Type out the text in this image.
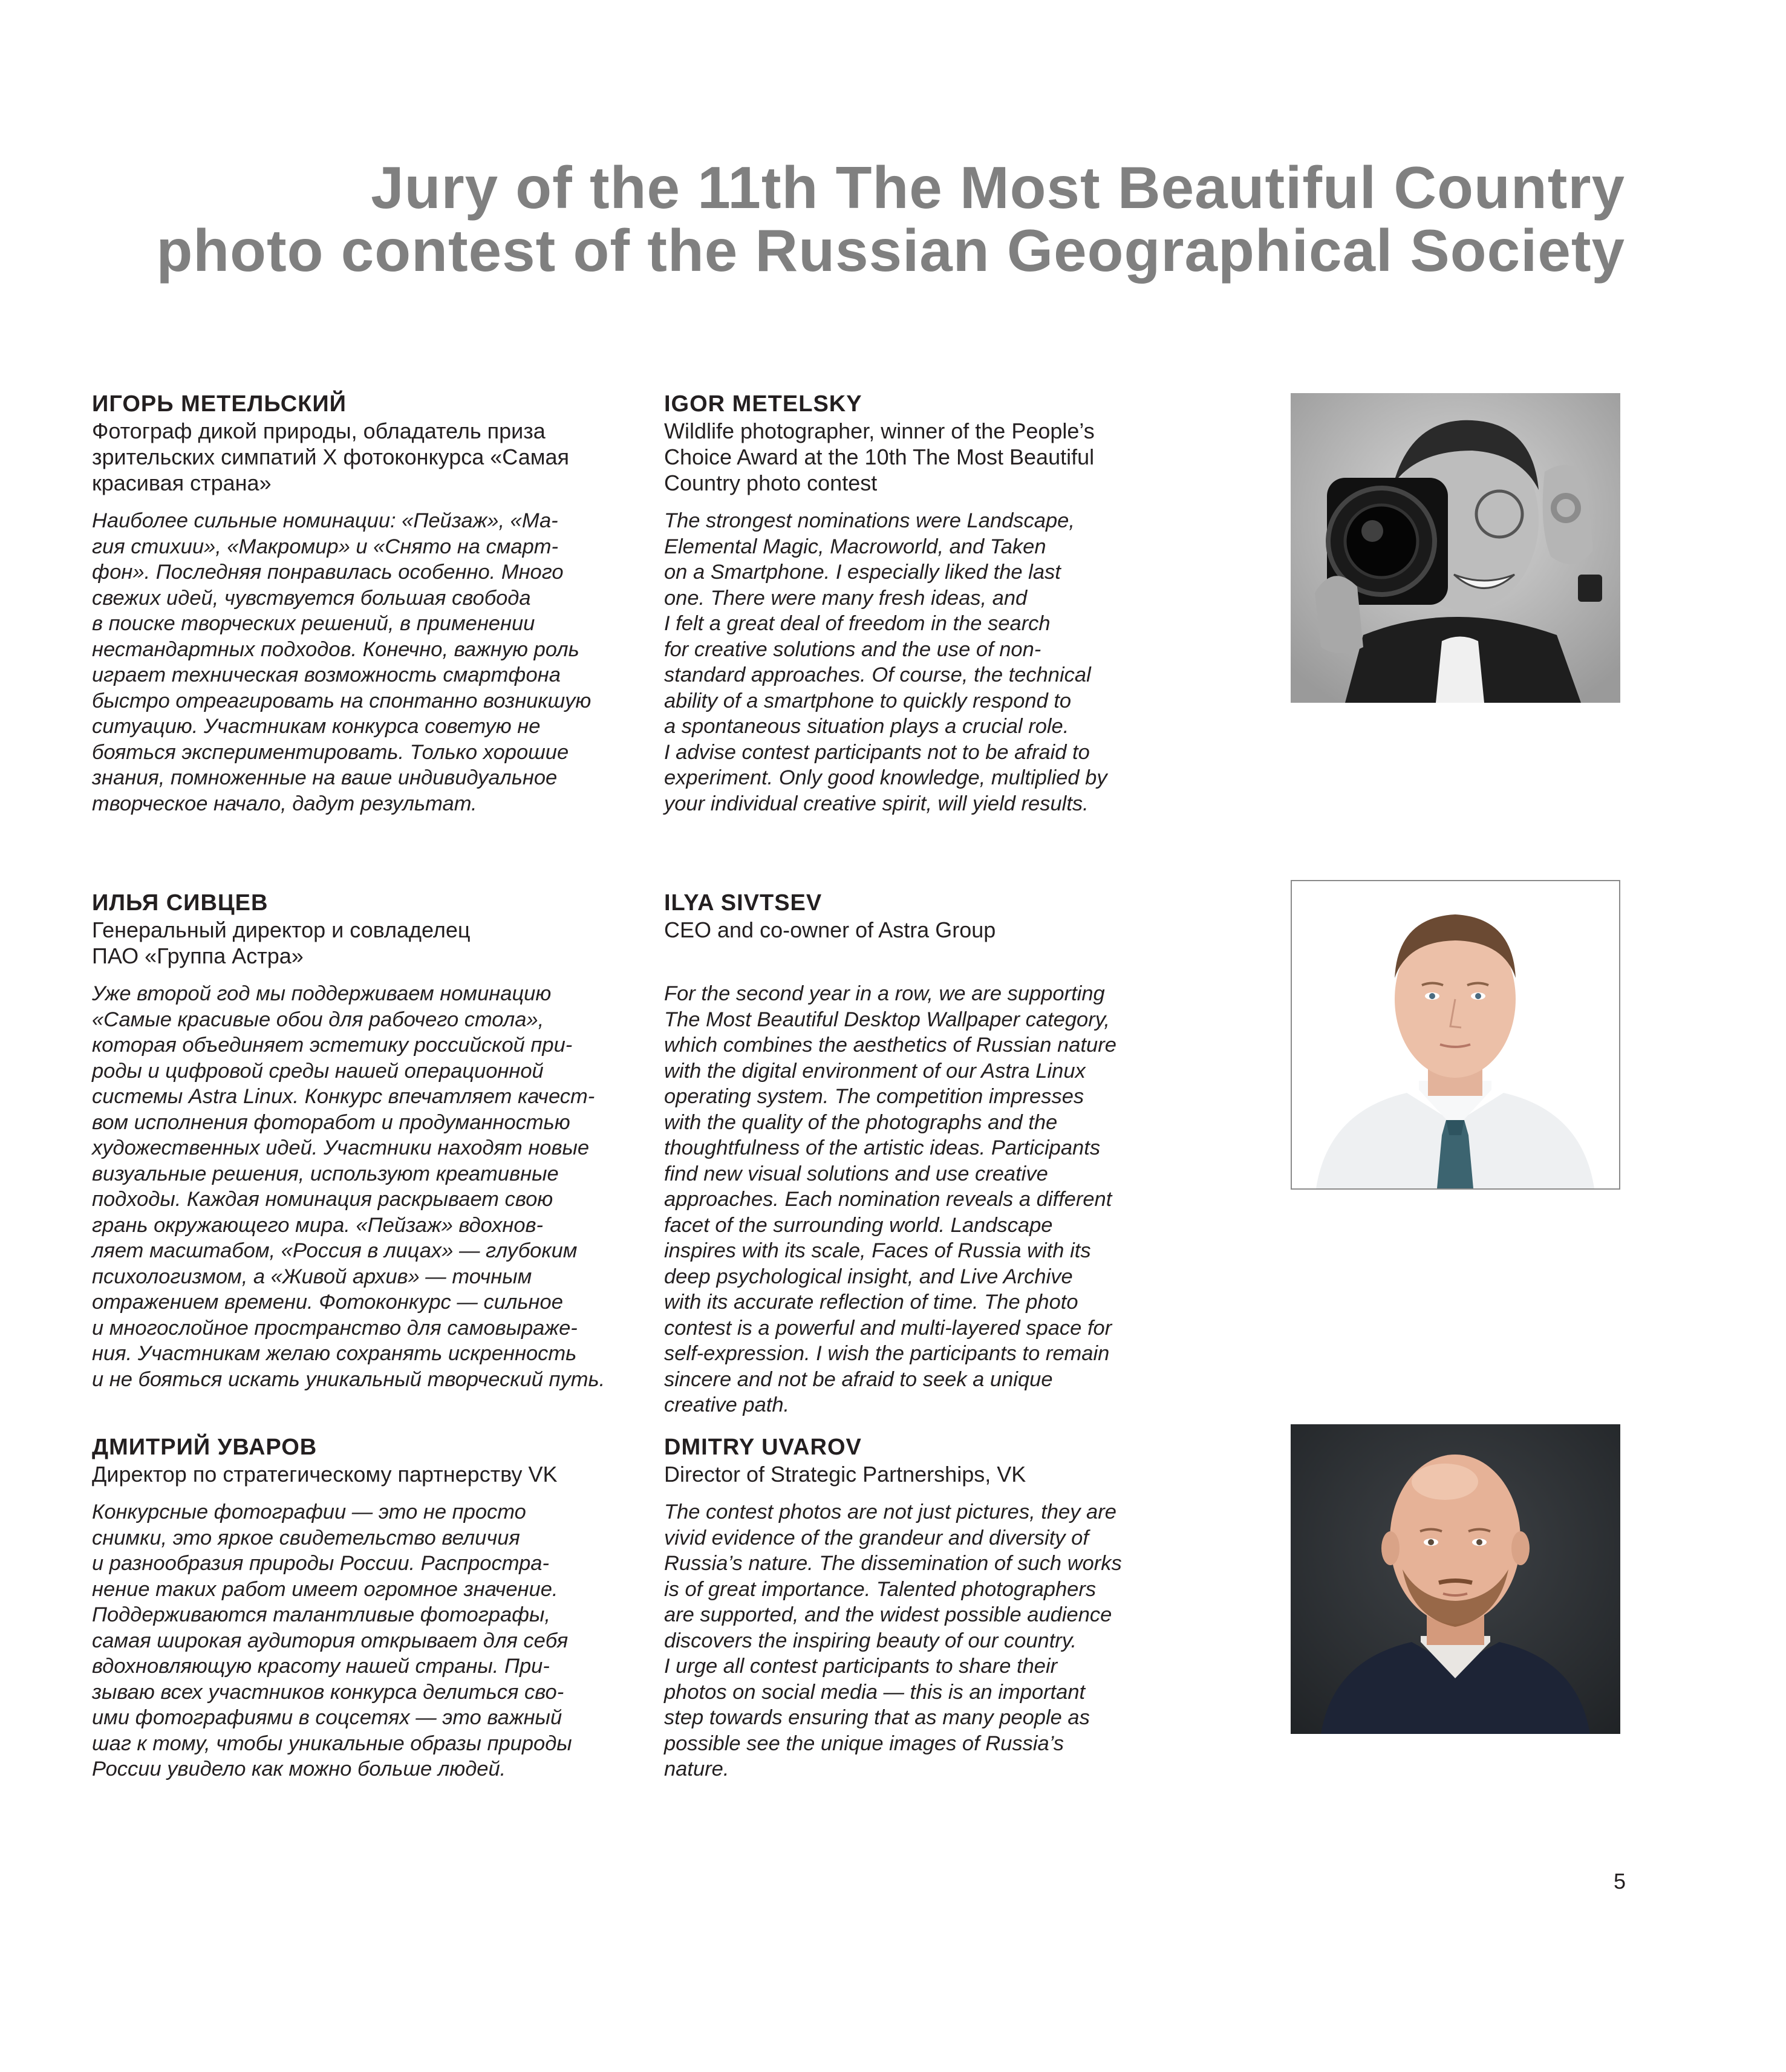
Jury of the 11th The Most Beautiful Country
photo contest of the Russian Geographical Society
ИГОРЬ МЕТЕЛЬСКИЙ
Фотограф дикой природы, обладатель приза
зрительских симпатий X фотоконкурса «Самая
красивая страна»
Наиболее сильные номинации: «Пейзаж», «Ма-
гия стихии», «Макромир» и «Снято на смарт-
фон». Последняя понравилась особенно. Много
свежих идей, чувствуется большая свобода
в поиске творческих решений, в применении
нестандартных подходов. Конечно, важную роль
играет техническая возможность смартфона
быстро отреагировать на спонтанно возникшую
ситуацию. Участникам конкурса советую не
бояться экспериментировать. Только хорошие
знания, помноженные на ваше индивидуальное
творческое начало, дадут результат.
IGOR METELSKY
Wildlife photographer, winner of the People’s
Choice Award at the 10th The Most Beautiful
Country photo contest
The strongest nominations were Landscape,
Elemental Magic, Macroworld, and Taken
on a Smartphone. I especially liked the last
one. There were many fresh ideas, and
I felt a great deal of freedom in the search
for creative solutions and the use of non-
standard approaches. Of course, the technical
ability of a smartphone to quickly respond to
a spontaneous situation plays a crucial role.
I advise contest participants not to be afraid to
experiment. Only good knowledge, multiplied by
your individual creative spirit, will yield results.
ИЛЬЯ СИВЦЕВ
Генеральный директор и совладелец
ПАО «Группа Астра»
Уже второй год мы поддерживаем номинацию
«Самые красивые обои для рабочего стола»,
которая объединяет эстетику российской при-
роды и цифровой среды нашей операционной
системы Astra Linux. Конкурс впечатляет качест-
вом исполнения фоторабот и продуманностью
художественных идей. Участники находят новые
визуальные решения, используют креативные
подходы. Каждая номинация раскрывает свою
грань окружающего мира. «Пейзаж» вдохнов-
ляет масштабом, «Россия в лицах» — глубоким
психологизмом, а «Живой архив» — точным
отражением времени. Фотоконкурс — сильное
и многослойное пространство для самовыраже-
ния. Участникам желаю сохранять искренность
и не бояться искать уникальный творческий путь.
ILYA SIVTSEV
CEO and co-owner of Astra Group
For the second year in a row, we are supporting
The Most Beautiful Desktop Wallpaper category,
which combines the aesthetics of Russian nature
with the digital environment of our Astra Linux
operating system. The competition impresses
with the quality of the photographs and the
thoughtfulness of the artistic ideas. Participants
find new visual solutions and use creative
approaches. Each nomination reveals a different
facet of the surrounding world. Landscape
inspires with its scale, Faces of Russia with its
deep psychological insight, and Live Archive
with its accurate reflection of time. The photo
contest is a powerful and multi-layered space for
self-expression. I wish the participants to remain
sincere and not be afraid to seek a unique
creative path.
ДМИТРИЙ УВАРОВ
Директор по стратегическому партнерству VK
Конкурсные фотографии — это не просто
снимки, это яркое свидетельство величия
и разнообразия природы России. Распростра-
нение таких работ имеет огромное значение.
Поддерживаются талантливые фотографы,
самая широкая аудитория открывает для себя
вдохновляющую красоту нашей страны. При-
зываю всех участников конкурса делиться сво-
ими фотографиями в соцсетях — это важный
шаг к тому, чтобы уникальные образы природы
России увидело как можно больше людей.
DMITRY UVAROV
Director of Strategic Partnerships, VK
The contest photos are not just pictures, they are
vivid evidence of the grandeur and diversity of
Russia’s nature. The dissemination of such works
is of great importance. Talented photographers
are supported, and the widest possible audience
discovers the inspiring beauty of our country.
I urge all contest participants to share their
photos on social media — this is an important
step towards ensuring that as many people as
possible see the unique images of Russia’s
nature.
5
